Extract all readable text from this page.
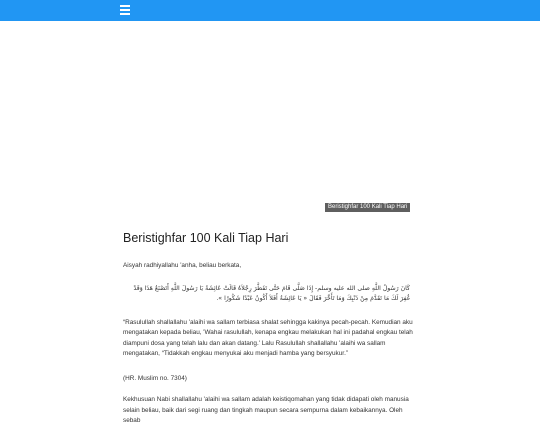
Beristighfar 100 Kali Tiap Hari
Beristighfar 100 Kali Tiap Hari

Aisyah radhiyallahu 'anha, beliau berkata,

كَانَ رَسُولُ اللَّهِ صلى الله عليه وسلم- إِذَا صَلَّى قَامَ حَتَّى تَفَطَّرَ رِجْلاَهُ قَالَتْ عَائِشَةُ يَا رَسُولَ اللَّهِ أَتَصْنَعُ هَذَا وَقَدْ غُفِرَ لَكَ مَا تَقَدَّمَ مِنْ ذَنْبِكَ وَمَا تَأَخَّرَ فَقَالَ « يَا عَائِشَةُ أَفَلاَ أَكُونُ عَبْدًا شَكُورًا ».

“Rasulullah shallallahu 'alaihi wa sallam terbiasa shalat sehingga kakinya pecah-pecah. Kemudian aku mengatakan kepada beliau, 'Wahai rasulullah, kenapa engkau melakukan hal ini padahal engkau telah diampuni dosa yang telah lalu dan akan datang.' Lalu Rasulullah shallallahu 'alaihi wa sallam mengatakan, “Tidakkah engkau menyukai aku menjadi hamba yang bersyukur.”

(HR. Muslim no. 7304)

Kekhusuan Nabi shallallahu 'alaihi wa sallam adalah keistiqomahan yang tidak didapati oleh manusia selain beliau, baik dari segi ruang dan tingkah maupun secara sempurna dalam kebaikannya. Oleh sebab
